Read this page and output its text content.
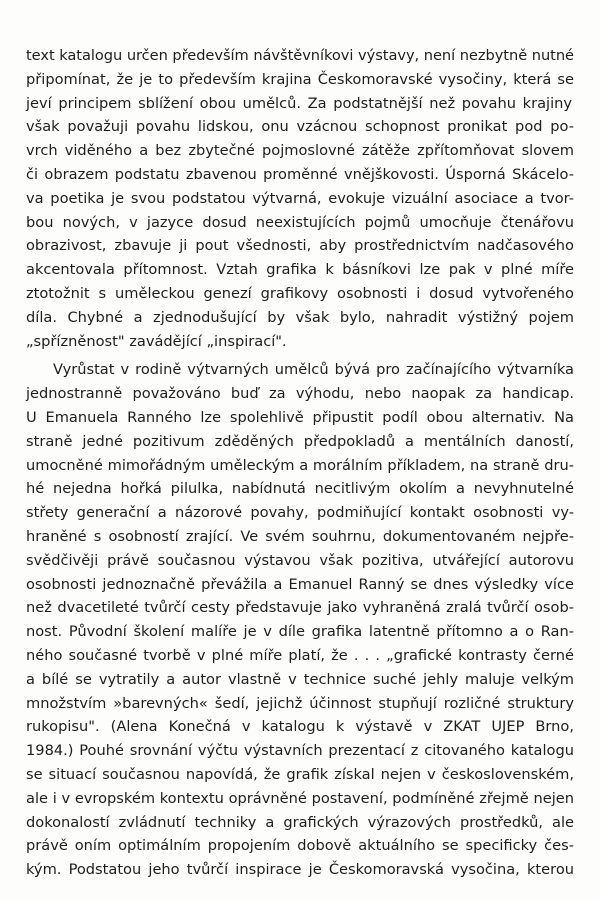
text katalogu určen především návštěvníkovi výstavy, není nezbytně nutné
připomínat, že je to především krajina Českomoravské vysočiny, která se
jeví principem sblížení obou umělců. Za podstatnější než povahu krajiny
však považuji povahu lidskou, onu vzácnou schopnost pronikat pod po-
vrch viděného a bez zbytečné pojmoslovné zátěže zpřítomňovat slovem
či obrazem podstatu zbavenou proměnné vnějškovosti. Úsporná Skácelo-
va poetika je svou podstatou výtvarná, evokuje vizuální asociace a tvor-
bou nových, v jazyce dosud neexistujících pojmů umocňuje čtenářovu
obrazivost, zbavuje ji pout všednosti, aby prostřednictvím nadčasového
akcentovala přítomnost. Vztah grafika k básníkovi lze pak v plné míře
ztotožnit s uměleckou genezí grafikovy osobnosti i dosud vytvořeného
díla. Chybné a zjednodušující by však bylo, nahradit výstižný pojem
„spřízněnost" zavádějící „inspirací".
Vyrůstat v rodině výtvarných umělců bývá pro začínajícího výtvarníka
jednostranně považováno buď za výhodu, nebo naopak za handicap.
U Emanuela Ranného lze spolehlivě připustit podíl obou alternativ. Na
straně jedné pozitivum zděděných předpokladů a mentálních daností,
umocněné mimořádným uměleckým a morálním příkladem, na straně dru-
hé nejedna hořká pilulka, nabídnutá necitlivým okolím a nevyhnutelné
střety generační a názorové povahy, podmiňující kontakt osobnosti vy-
hraněné s osobností zrající. Ve svém souhrnu, dokumentovaném nejpře-
svědčivěji právě současnou výstavou však pozitiva, utvářející autorovu
osobnosti jednoznačně převážila a Emanuel Ranný se dnes výsledky více
než dvacetileté tvůrčí cesty představuje jako vyhraněná zralá tvůrčí osob-
nost. Původní školení malíře je v díle grafika latentně přítomno a o Ran-
ného současné tvorbě v plné míře platí, že . . . „grafické kontrasty černé
a bílé se vytratily a autor vlastně v technice suché jehly maluje velkým
množstvím »barevných« šedí, jejichž účinnost stupňují rozličné struktury
rukopisu". (Alena Konečná v katalogu k výstavě v ZKAT UJEP Brno,
1984.) Pouhé srovnání výčtu výstavních prezentací z citovaného katalogu
se situací současnou napovídá, že grafik získal nejen v československém,
ale i v evropském kontextu oprávněné postavení, podmíněné zřejmě nejen
dokonalostí zvládnutí techniky a grafických výrazových prostředků, ale
právě oním optimálním propojením dobově aktuálního se specificky čes-
kým. Podstatou jeho tvůrčí inspirace je Českomoravská vysočina, kterou
